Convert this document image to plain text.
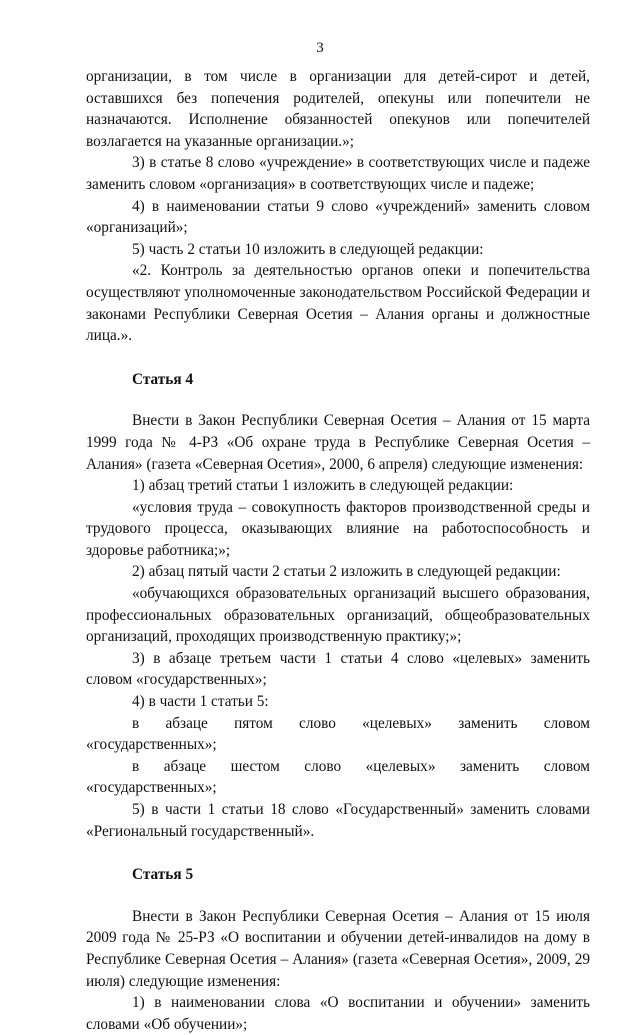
3

организации, в том числе в организации для детей-сирот и детей, оставшихся без попечения родителей, опекуны или попечители не назначаются. Исполнение обязанностей опекунов или попечителей возлагается на указанные организации.»;

3) в статье 8 слово «учреждение» в соответствующих числе и падеже заменить словом «организация» в соответствующих числе и падеже;

4) в наименовании статьи 9 слово «учреждений» заменить словом «организаций»;

5) часть 2 статьи 10 изложить в следующей редакции:

«2. Контроль за деятельностью органов опеки и попечительства осуществляют уполномоченные законодательством Российской Федерации и законами Республики Северная Осетия – Алания органы и должностные лица.».

Статья 4

Внести в Закон Республики Северная Осетия – Алания от 15 марта 1999 года № 4-РЗ «Об охране труда в Республике Северная Осетия – Алания» (газета «Северная Осетия», 2000, 6 апреля) следующие изменения:

1) абзац третий статьи 1 изложить в следующей редакции:

«условия труда – совокупность факторов производственной среды и трудового процесса, оказывающих влияние на работоспособность и здоровье работника;»;

2) абзац пятый части 2 статьи 2 изложить в следующей редакции:

«обучающихся образовательных организаций высшего образования, профессиональных образовательных организаций, общеобразовательных организаций, проходящих производственную практику;»;

3) в абзаце третьем части 1 статьи 4 слово «целевых» заменить словом «государственных»;

4) в части 1 статьи 5:

в абзаце пятом слово «целевых» заменить словом «государственных»;

в абзаце шестом слово «целевых» заменить словом

«государственных»;

5) в части 1 статьи 18 слово «Государственный» заменить словами «Региональный государственный».

Статья 5

Внести в Закон Республики Северная Осетия – Алания от 15 июля 2009 года № 25-РЗ «О воспитании и обучении детей-инвалидов на дому в Республике Северная Осетия – Алания» (газета «Северная Осетия», 2009, 29 июля) следующие изменения:

1) в наименовании слова «О воспитании и обучении» заменить словами «Об обучении»;
